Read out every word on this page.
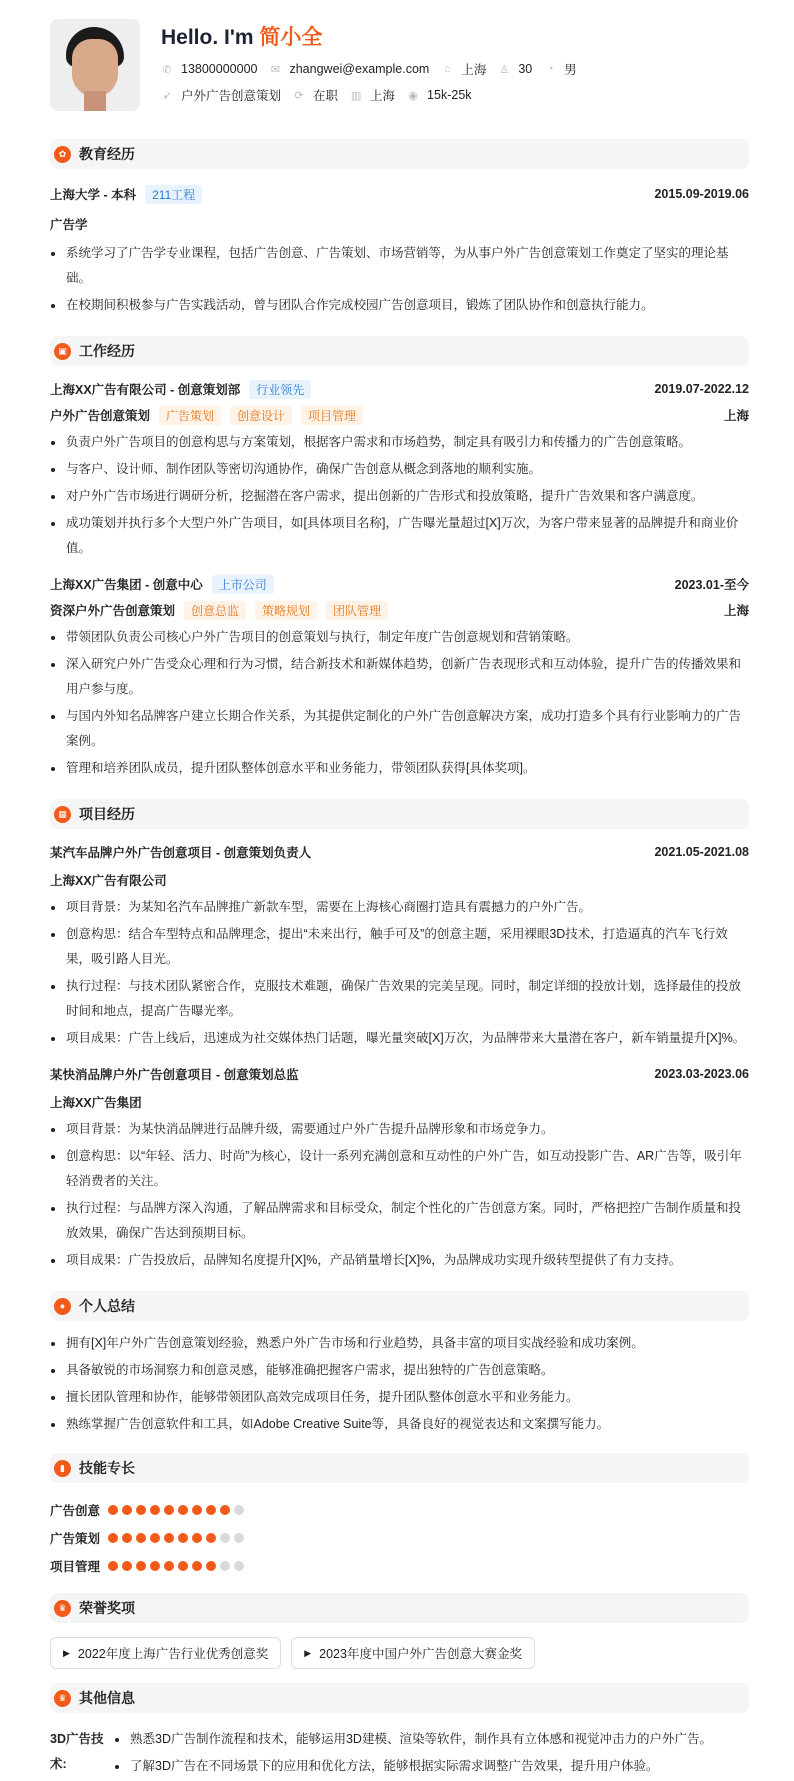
Hello. I'm 简小全
✆ 13800000000 ✉ zhangwei@example.com ⌂ 上海 ♙ 30 ◔ 男
➶ 户外广告创意策划 ⟳ 在职 ▥ 上海 ◉ 15k-25k
✿ 教育经历
上海大学 - 本科	211工程	2015.09-2019.06
广告学
系统学习了广告学专业课程，包括广告创意、广告策划、市场营销等，为从事户外广告创意策划工作奠定了坚实的理论基础。
在校期间积极参与广告实践活动，曾与团队合作完成校园广告创意项目，锻炼了团队协作和创意执行能力。
▣ 工作经历
上海XX广告有限公司 - 创意策划部	行业领先	2019.07-2022.12
户外广告创意策划	广告策划	创意设计	项目管理	上海
负责户外广告项目的创意构思与方案策划，根据客户需求和市场趋势，制定具有吸引力和传播力的广告创意策略。
与客户、设计师、制作团队等密切沟通协作，确保广告创意从概念到落地的顺利实施。
对户外广告市场进行调研分析，挖掘潜在客户需求，提出创新的广告形式和投放策略，提升广告效果和客户满意度。
成功策划并执行多个大型户外广告项目，如[具体项目名称]，广告曝光量超过[X]万次，为客户带来显著的品牌提升和商业价值。
上海XX广告集团 - 创意中心	上市公司	2023.01-至今
资深户外广告创意策划	创意总监	策略规划	团队管理	上海
带领团队负责公司核心户外广告项目的创意策划与执行，制定年度广告创意规划和营销策略。
深入研究户外广告受众心理和行为习惯，结合新技术和新媒体趋势，创新广告表现形式和互动体验，提升广告的传播效果和用户参与度。
与国内外知名品牌客户建立长期合作关系，为其提供定制化的户外广告创意解决方案，成功打造多个具有行业影响力的广告案例。
管理和培养团队成员，提升团队整体创意水平和业务能力，带领团队获得[具体奖项]。
▦ 项目经历
某汽车品牌户外广告创意项目 - 创意策划负责人	2021.05-2021.08
上海XX广告有限公司
项目背景：为某知名汽车品牌推广新款车型，需要在上海核心商圈打造具有震撼力的户外广告。
创意构思：结合车型特点和品牌理念，提出“未来出行，触手可及”的创意主题，采用裸眼3D技术，打造逼真的汽车飞行效果，吸引路人目光。
执行过程：与技术团队紧密合作，克服技术难题，确保广告效果的完美呈现。同时，制定详细的投放计划，选择最佳的投放时间和地点，提高广告曝光率。
项目成果：广告上线后，迅速成为社交媒体热门话题，曝光量突破[X]万次，为品牌带来大量潜在客户，新车销量提升[X]%。
某快消品牌户外广告创意项目 - 创意策划总监	2023.03-2023.06
上海XX广告集团
项目背景：为某快消品牌进行品牌升级，需要通过户外广告提升品牌形象和市场竞争力。
创意构思：以“年轻、活力、时尚”为核心，设计一系列充满创意和互动性的户外广告，如互动投影广告、AR广告等，吸引年轻消费者的关注。
执行过程：与品牌方深入沟通，了解品牌需求和目标受众，制定个性化的广告创意方案。同时，严格把控广告制作质量和投放效果，确保广告达到预期目标。
项目成果：广告投放后，品牌知名度提升[X]%，产品销量增长[X]%，为品牌成功实现升级转型提供了有力支持。
● 个人总结
拥有[X]年户外广告创意策划经验，熟悉户外广告市场和行业趋势，具备丰富的项目实战经验和成功案例。
具备敏锐的市场洞察力和创意灵感，能够准确把握客户需求，提出独特的广告创意策略。
擅长团队管理和协作，能够带领团队高效完成项目任务，提升团队整体创意水平和业务能力。
熟练掌握广告创意软件和工具，如Adobe Creative Suite等，具备良好的视觉表达和文案撰写能力。
▮	技能专长
广告创意
广告策划
项目管理
♛ 荣誉奖项
▶ 2022年度上海广告行业优秀创意奖	▶ 2023年度中国户外广告创意大赛金奖
♛ 其他信息
3D广告技术:
熟悉3D广告制作流程和技术，能够运用3D建模、渲染等软件，制作具有立体感和视觉冲击力的户外广告。
了解3D广告在不同场景下的应用和优化方法，能够根据实际需求调整广告效果，提升用户体验。
